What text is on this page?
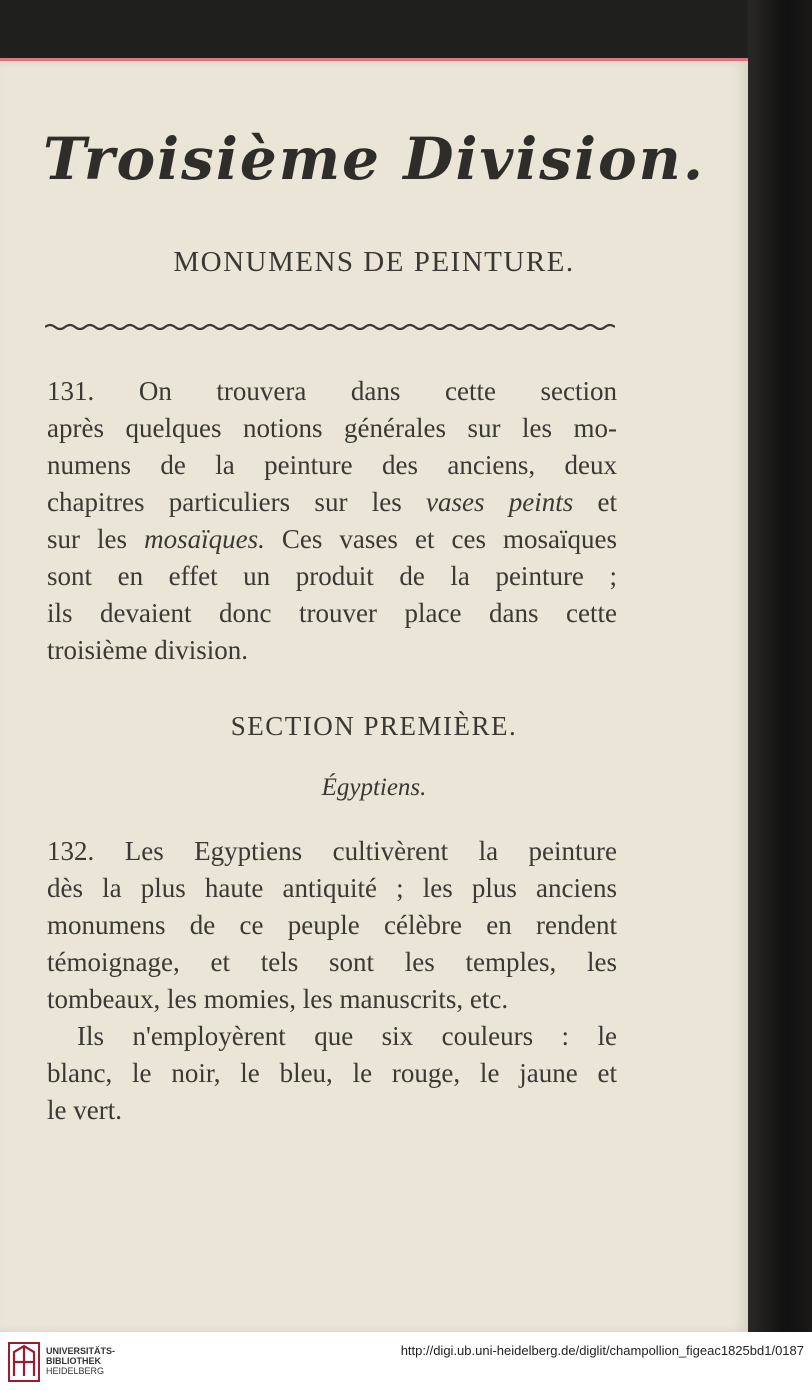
Troisième Division.
MONUMENS DE PEINTURE.
131. On trouvera dans cette section
après quelques notions générales sur les mo-
numens de la peinture des anciens, deux
chapitres particuliers sur les vases peints et
sur les mosaïques. Ces vases et ces mosaïques
sont en effet un produit de la peinture ;
ils devaient donc trouver place dans cette
troisième division.
SECTION PREMIÈRE.
Égyptiens.
132. Les Egyptiens cultivèrent la peinture
dès la plus haute antiquité ; les plus anciens
monumens de ce peuple célèbre en rendent
témoignage, et tels sont les temples, les
tombeaux, les momies, les manuscrits, etc.
Ils n'employèrent que six couleurs : le
blanc, le noir, le bleu, le rouge, le jaune et
le vert.
UNIVERSITÄTS-
BIBLIOTHEK
HEIDELBERG
http://digi.ub.uni-heidelberg.de/diglit/champollion_figeac1825bd1/0187
